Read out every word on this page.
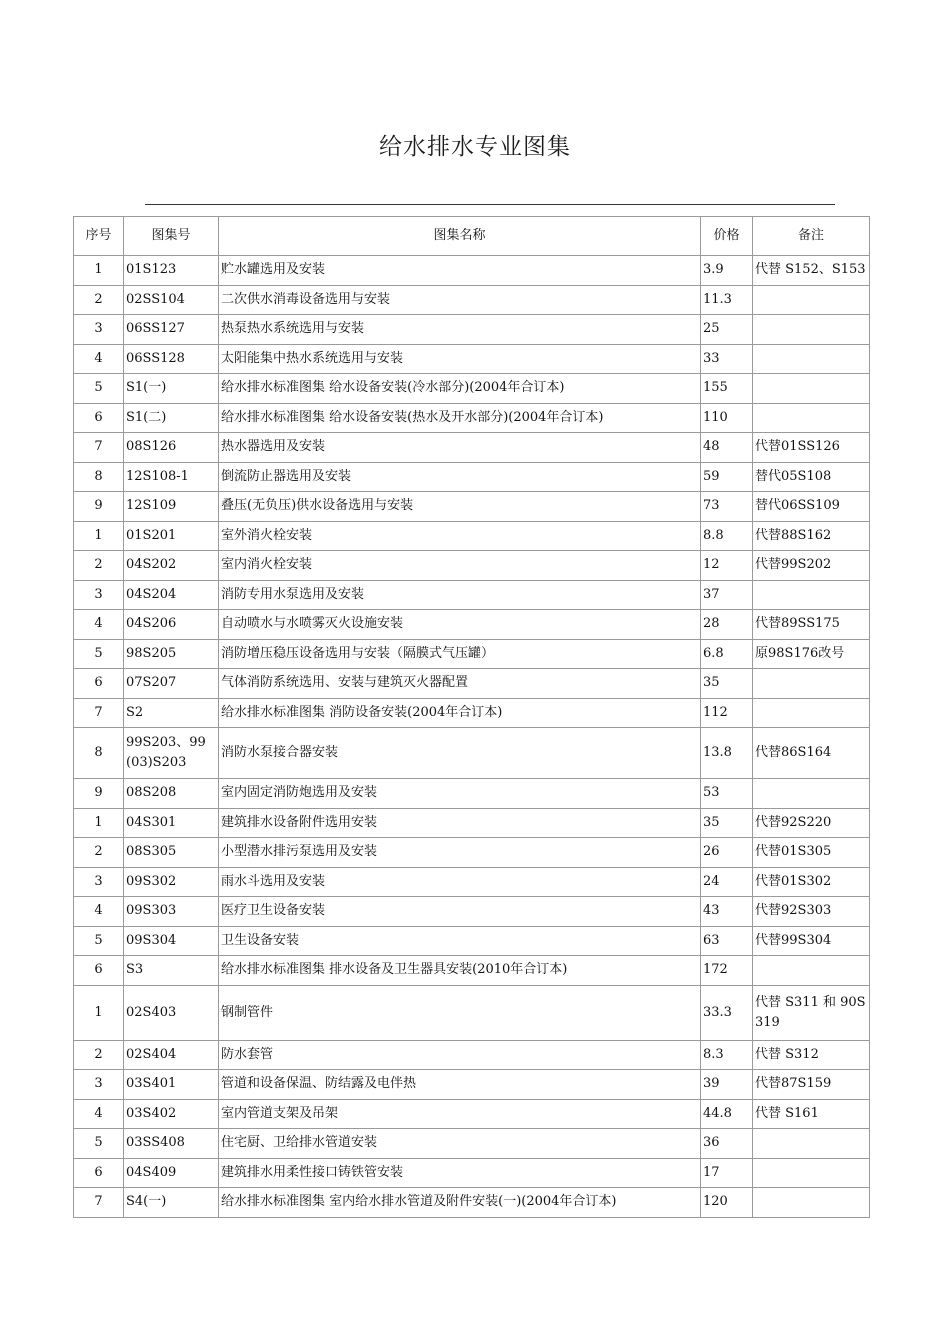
给水排水专业图集
序号	图集号	图集名称	价格	备注
1	01S123	贮水罐选用及安装	3.9	代替 S152、S153
2	02SS104	二次供水消毒设备选用与安装	11.3	
3	06SS127	热泵热水系统选用与安装	25	
4	06SS128	太阳能集中热水系统选用与安装	33	
5	S1(一)	给水排水标准图集 给水设备安装(冷水部分)(2004年合订本)	155	
6	S1(二)	给水排水标准图集 给水设备安装(热水及开水部分)(2004年合订本)	110	
7	08S126	热水器选用及安装	48	代替01SS126
8	12S108-1	倒流防止器选用及安装	59	替代05S108
9	12S109	叠压(无负压)供水设备选用与安装	73	替代06SS109
1	01S201	室外消火栓安装	8.8	代替88S162
2	04S202	室内消火栓安装	12	代替99S202
3	04S204	消防专用水泵选用及安装	37	
4	04S206	自动喷水与水喷雾灭火设施安装	28	代替89SS175
5	98S205	消防增压稳压设备选用与安装（隔膜式气压罐）	6.8	原98S176改号
6	07S207	气体消防系统选用、安装与建筑灭火器配置	35	
7	S2	给水排水标准图集 消防设备安装(2004年合订本)	112	
8	99S203、99(03)S203	消防水泵接合器安装	13.8	代替86S164
9	08S208	室内固定消防炮选用及安装	53	
1	04S301	建筑排水设备附件选用安装	35	代替92S220
2	08S305	小型潜水排污泵选用及安装	26	代替01S305
3	09S302	雨水斗选用及安装	24	代替01S302
4	09S303	医疗卫生设备安装	43	代替92S303
5	09S304	卫生设备安装	63	代替99S304
6	S3	给水排水标准图集 排水设备及卫生器具安装(2010年合订本)	172	
1	02S403	钢制管件	33.3	代替 S311 和 90S319
2	02S404	防水套管	8.3	代替 S312
3	03S401	管道和设备保温、防结露及电伴热	39	代替87S159
4	03S402	室内管道支架及吊架	44.8	代替 S161
5	03SS408	住宅厨、卫给排水管道安装	36	
6	04S409	建筑排水用柔性接口铸铁管安装	17	
7	S4(一)	给水排水标准图集 室内给水排水管道及附件安装(一)(2004年合订本)	120	
